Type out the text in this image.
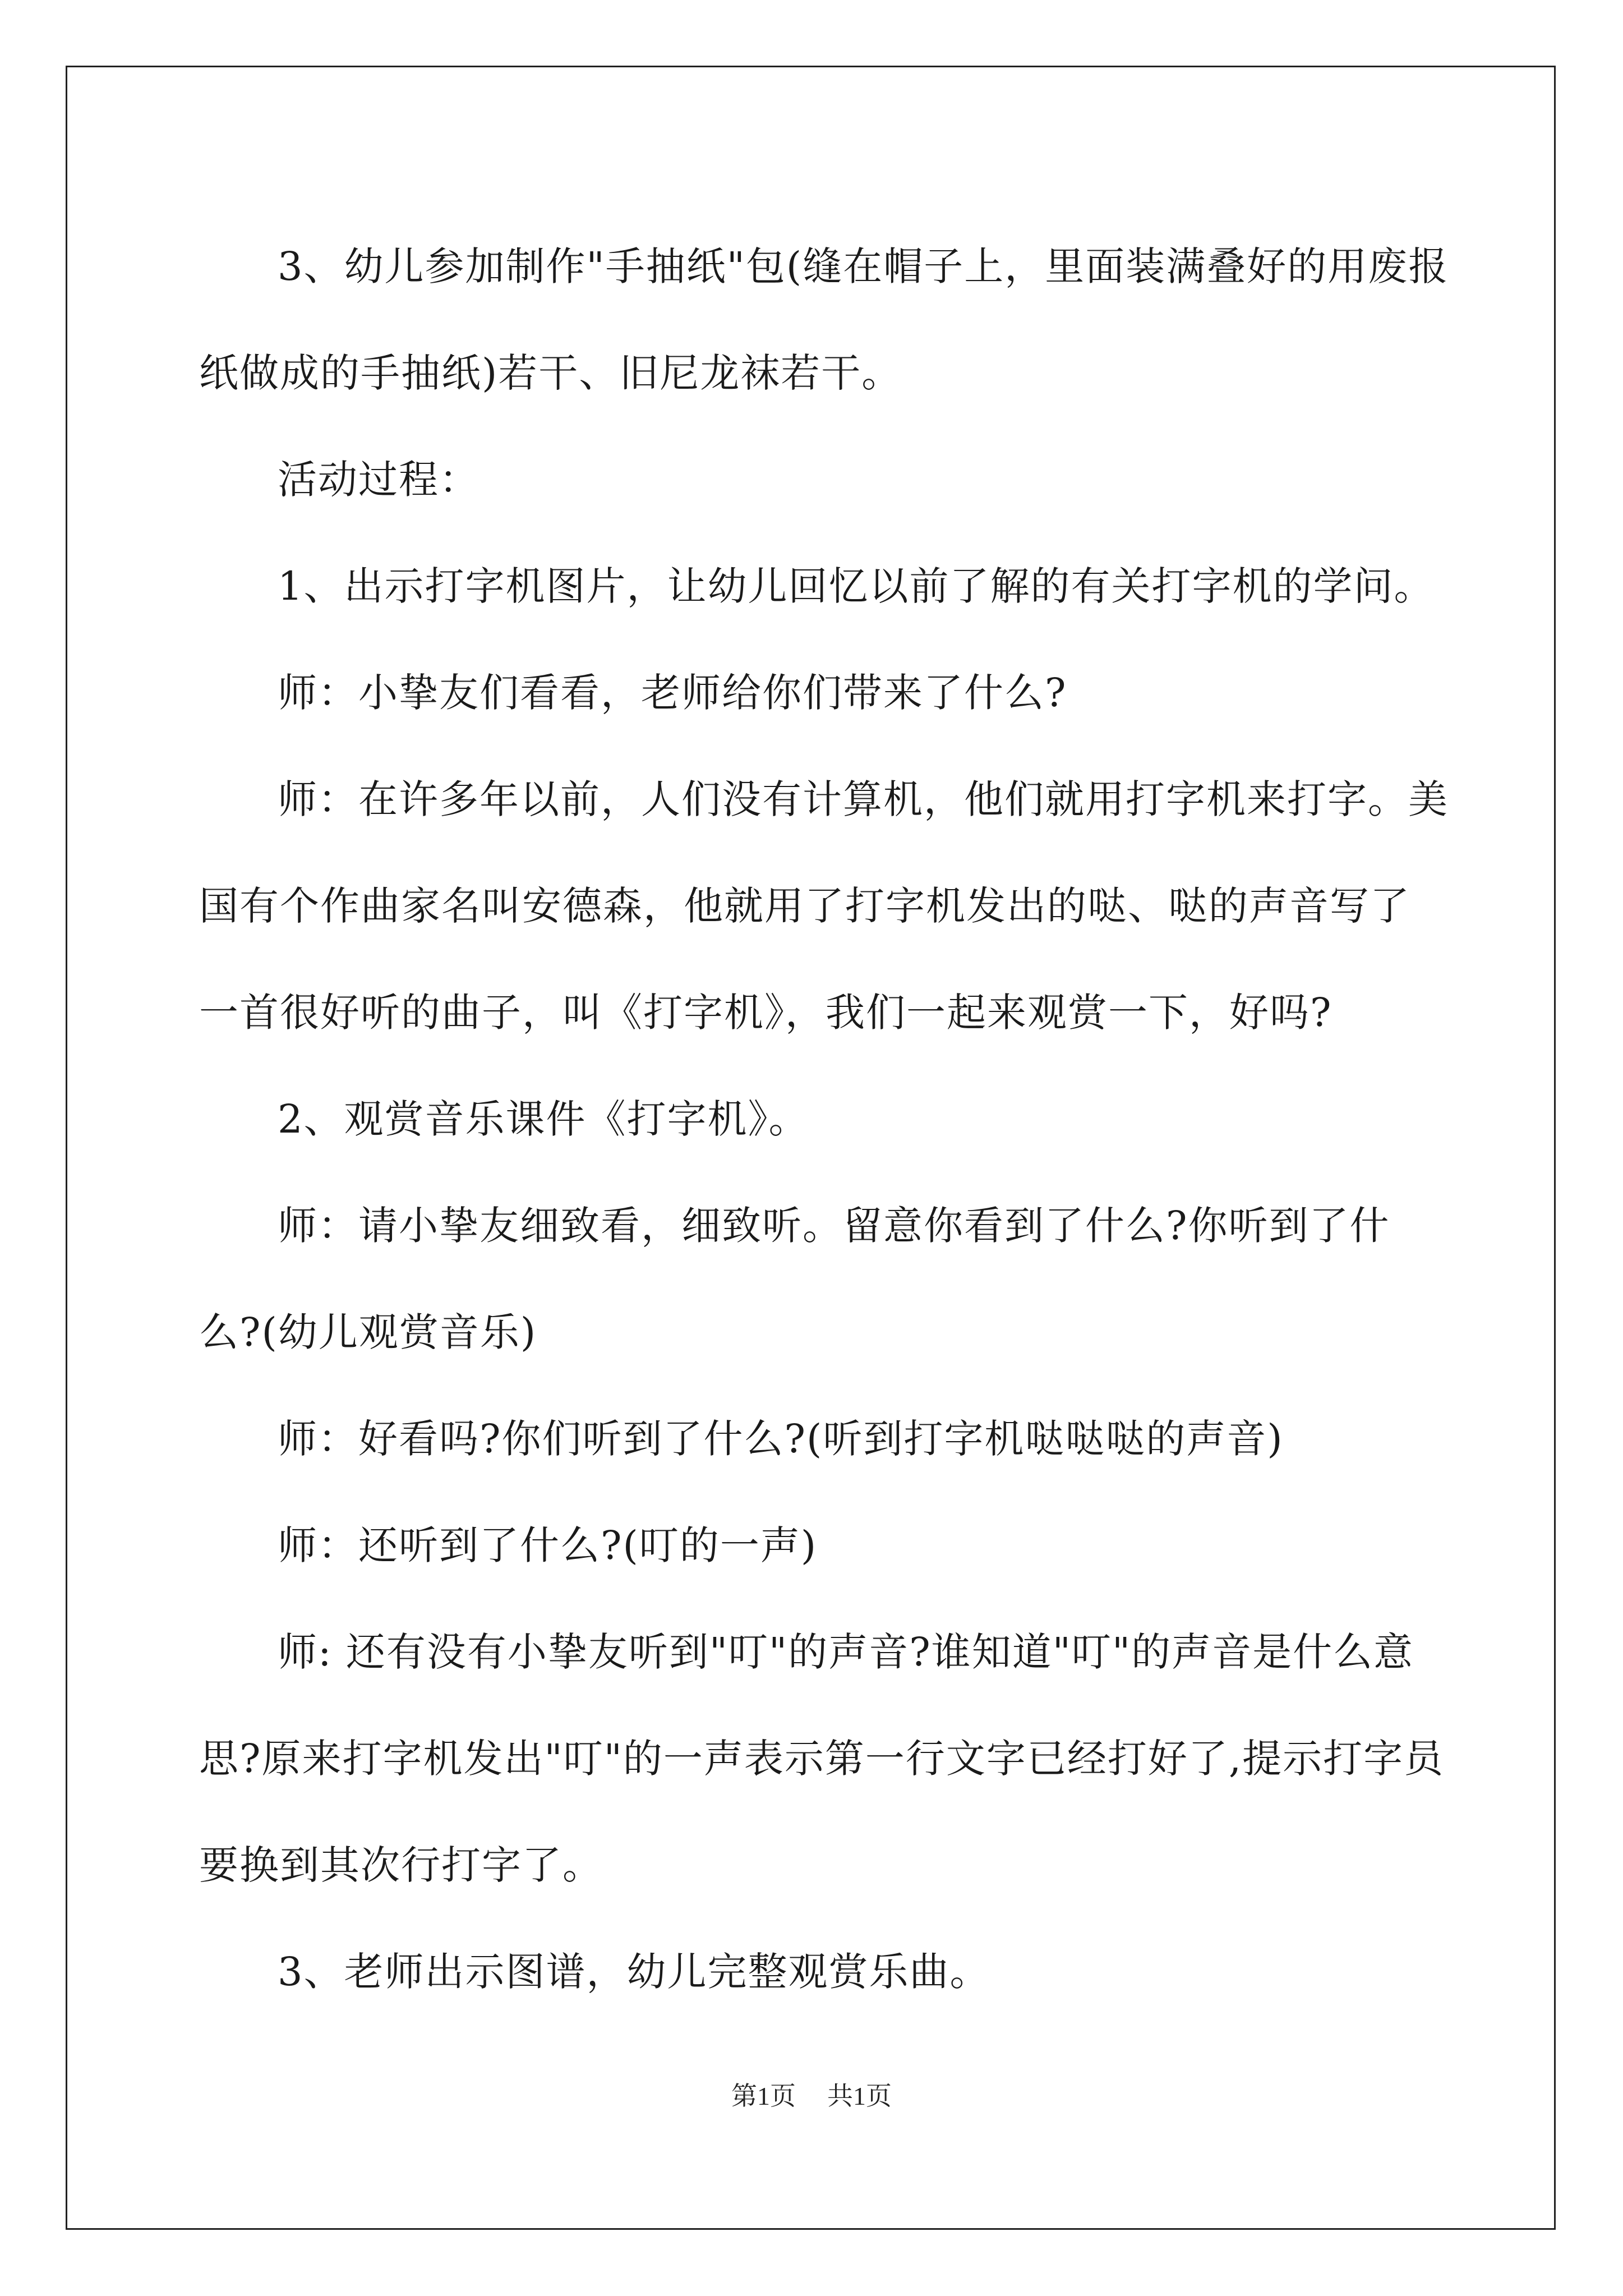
3、幼儿参加制作"手抽纸"包(缝在帽子上，里面装满叠好的用废报纸做成的手抽纸)若干、旧尼龙袜若干。

活动过程：

1、出示打字机图片，让幼儿回忆以前了解的有关打字机的学问。

师：小挚友们看看，老师给你们带来了什么?

师：在许多年以前，人们没有计算机，他们就用打字机来打字。美国有个作曲家名叫安德森，他就用了打字机发出的哒、哒的声音写了一首很好听的曲子，叫《打字机》，我们一起来观赏一下，好吗?

2、观赏音乐课件《打字机》。

师：请小挚友细致看，细致听。留意你看到了什么?你听到了什么?(幼儿观赏音乐)

师：好看吗?你们听到了什么?(听到打字机哒哒哒的声音)

师：还听到了什么?(叮的一声)

师: 还有没有小挚友听到"叮"的声音?谁知道"叮"的声音是什么意思?原来打字机发出"叮"的一声表示第一行文字已经打好了,提示打字员要换到其次行打字了。

3、老师出示图谱，幼儿完整观赏乐曲。

第1页 共1页
